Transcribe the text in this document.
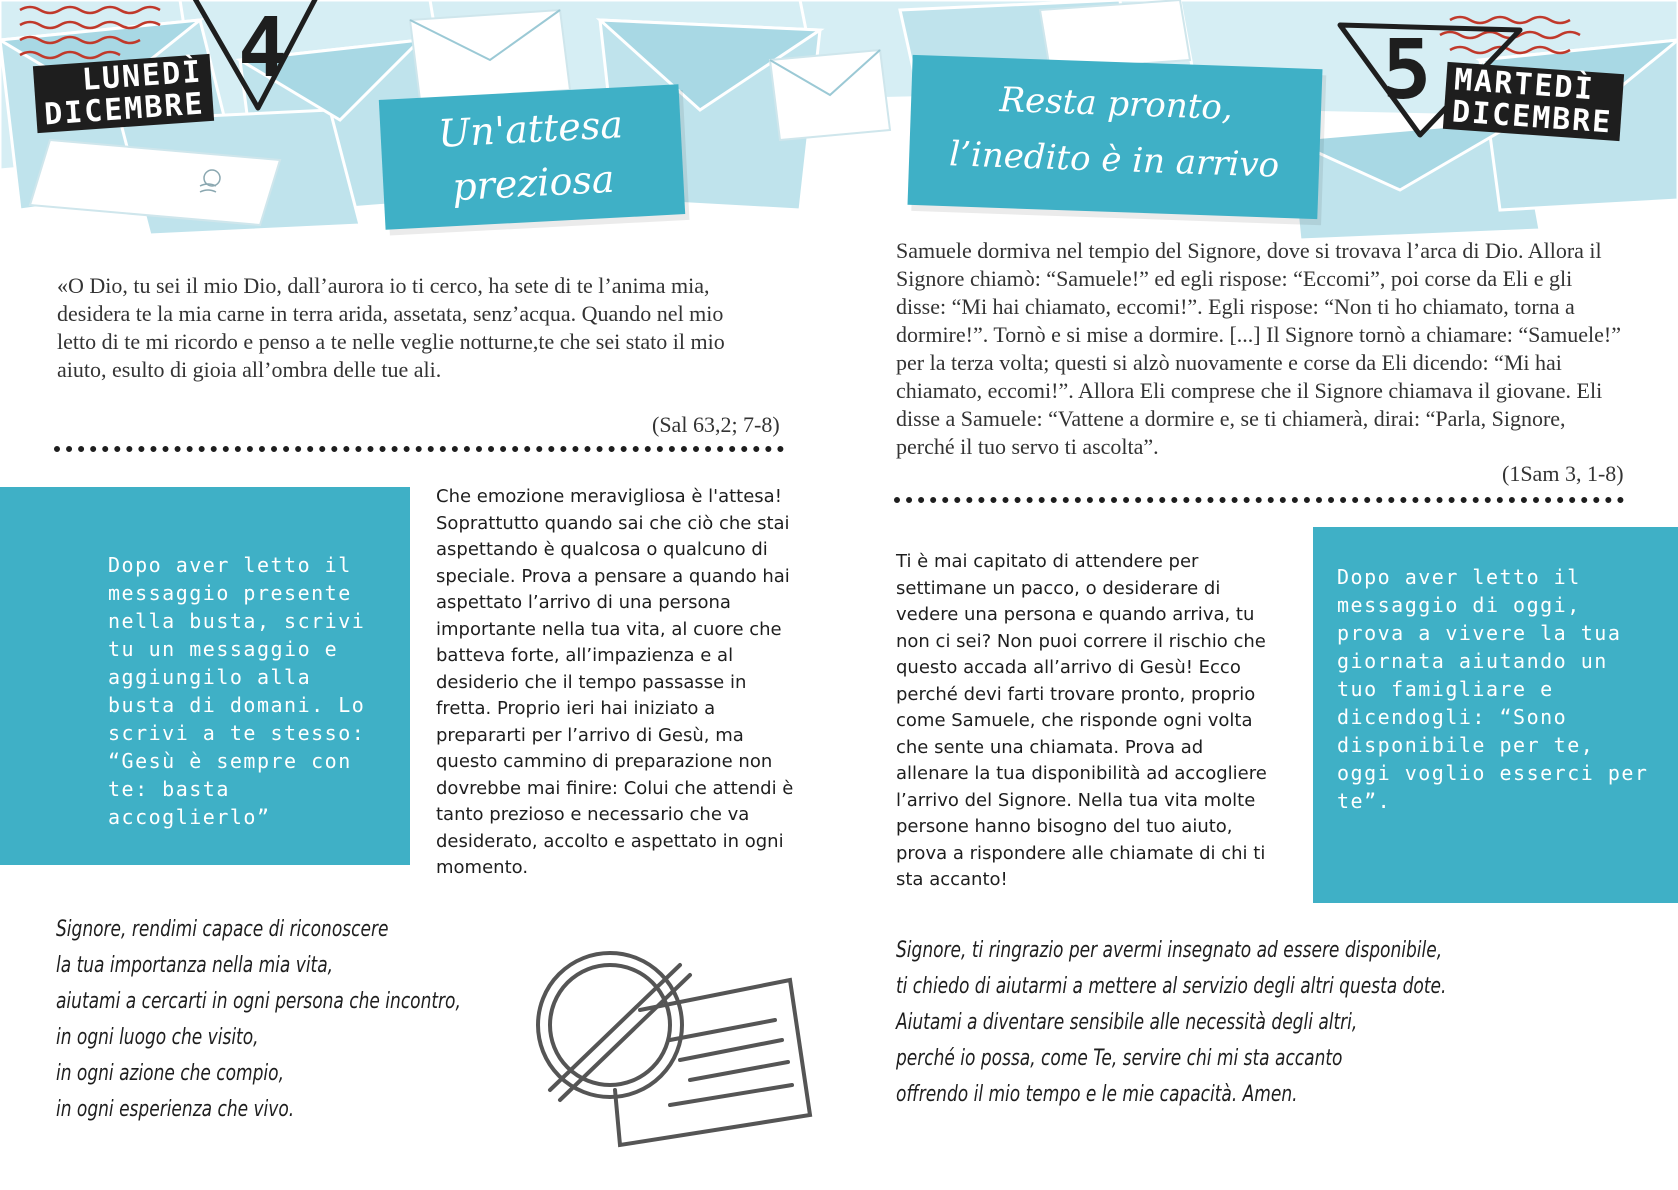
4
LUNEDÌ
DICEMBRE	Un'attesa
preziosa
«O Dio, tu sei il mio Dio, dall’aurora io ti cerco, ha sete di te l’anima mia, desidera te la mia carne in terra arida, assetata, senz’acqua. Quando nel mio letto di te mi ricordo e penso a te nelle veglie notturne,te che sei stato il mio aiuto, esulto di gioia all’ombra delle tue ali.
(Sal 63,2; 7-8)
Dopo aver letto il messaggio presente nella busta, scrivi tu un messaggio e aggiungilo alla busta di domani. Lo scrivi a te stesso: “Gesù è sempre con te: basta accoglierlo”
Che emozione meravigliosa è l'attesa! Soprattutto quando sai che ciò che stai aspettando è qualcosa o qualcuno di speciale. Prova a pensare a quando hai aspettato l’arrivo di una persona importante nella tua vita, al cuore che batteva forte, all’impazienza e al desiderio che il tempo passasse in fretta. Proprio ieri hai iniziato a prepararti per l’arrivo di Gesù, ma questo cammino di preparazione non dovrebbe mai finire: Colui che attendi è tanto prezioso e necessario che va desiderato, accolto e aspettato in ogni momento.
Signore, rendimi capace di riconoscere
la tua importanza nella mia vita,
aiutami a cercarti in ogni persona che incontro,
in ogni luogo che visito,
in ogni azione che compio,
in ogni esperienza che vivo.
5 MARTEDÌ
DICEMBRE
Resta pronto,
l’inedito è in arrivo
Samuele dormiva nel tempio del Signore, dove si trovava l’arca di Dio. Allora il Signore chiamò: “Samuele!” ed egli rispose: “Eccomi”, poi corse da Eli e gli disse: “Mi hai chiamato, eccomi!”. Egli rispose: “Non ti ho chiamato, torna a dormire!”. Tornò e si mise a dormire. [...] Il Signore tornò a chiamare: “Samuele!” per la terza volta; questi si alzò nuovamente e corse da Eli dicendo: “Mi hai chiamato, eccomi!”. Allora Eli comprese che il Signore chiamava il giovane. Eli disse a Samuele: “Vattene a dormire e, se ti chiamerà, dirai: “Parla, Signore, perché il tuo servo ti ascolta”.
(1Sam 3, 1-8)
Ti è mai capitato di attendere per settimane un pacco, o desiderare di vedere una persona e quando arriva, tu non ci sei? Non puoi correre il rischio che questo accada all’arrivo di Gesù! Ecco perché devi farti trovare pronto, proprio come Samuele, che risponde ogni volta che sente una chiamata. Prova ad allenare la tua disponibilità ad accogliere l’arrivo del Signore. Nella tua vita molte persone hanno bisogno del tuo aiuto, prova a rispondere alle chiamate di chi ti sta accanto!
Dopo aver letto il messaggio di oggi, prova a vivere la tua giornata aiutando un tuo famigliare e dicendogli: “Sono disponibile per te, oggi voglio esserci per te”.
Signore, ti ringrazio per avermi insegnato ad essere disponibile,
ti chiedo di aiutarmi a mettere al servizio degli altri questa dote.
Aiutami a diventare sensibile alle necessità degli altri,
perché io possa, come Te, servire chi mi sta accanto
offrendo il mio tempo e le mie capacità. Amen.
